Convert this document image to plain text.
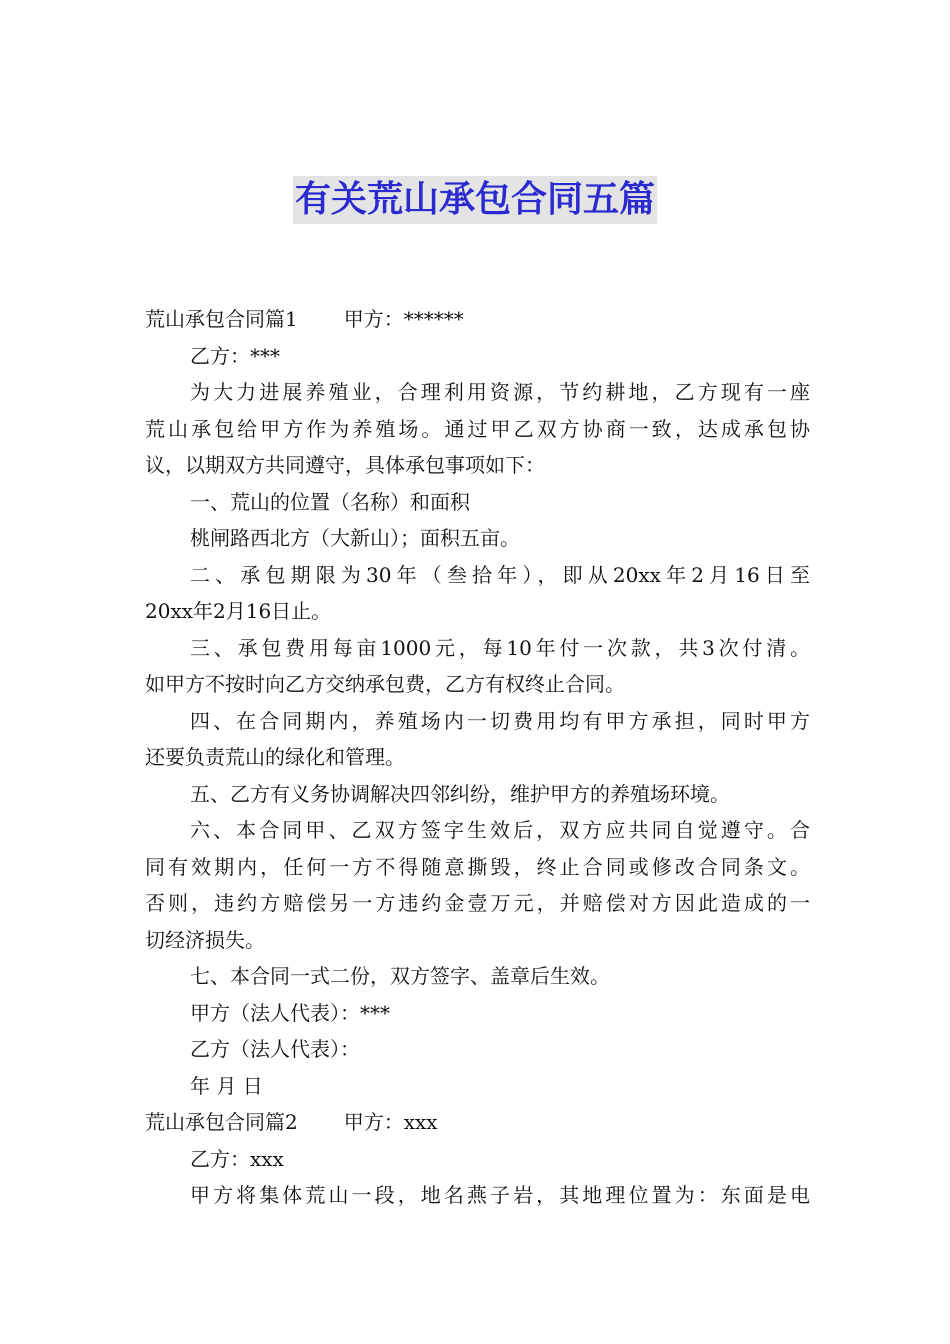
有关荒山承包合同五篇
荒山承包合同篇1 甲方：******
乙方：***
为大力进展养殖业，合理利用资源，节约耕地，乙方现有一座
荒山承包给甲方作为养殖场。通过甲乙双方协商一致，达成承包协
议，以期双方共同遵守，具体承包事项如下：
一、荒山的位置（名称）和面积
桃闸路西北方（大新山）；面积五亩。
二、承包期限为30年（叁拾年），即从20xx年2月16日至
20xx年2月16日止。
三、承包费用每亩1000元，每10年付一次款，共3次付清。
如甲方不按时向乙方交纳承包费，乙方有权终止合同。
四、在合同期内，养殖场内一切费用均有甲方承担，同时甲方
还要负责荒山的绿化和管理。
五、乙方有义务协调解决四邻纠纷，维护甲方的养殖场环境。
六、本合同甲、乙双方签字生效后，双方应共同自觉遵守。合
同有效期内，任何一方不得随意撕毁，终止合同或修改合同条文。
否则，违约方赔偿另一方违约金壹万元，并赔偿对方因此造成的一
切经济损失。
七、本合同一式二份，双方签字、盖章后生效。
甲方（法人代表）：***
乙方（法人代表）：
年 月 日
荒山承包合同篇2 甲方：xxx
乙方：xxx
甲方将集体荒山一段，地名燕子岩，其地理位置为：东面是电
